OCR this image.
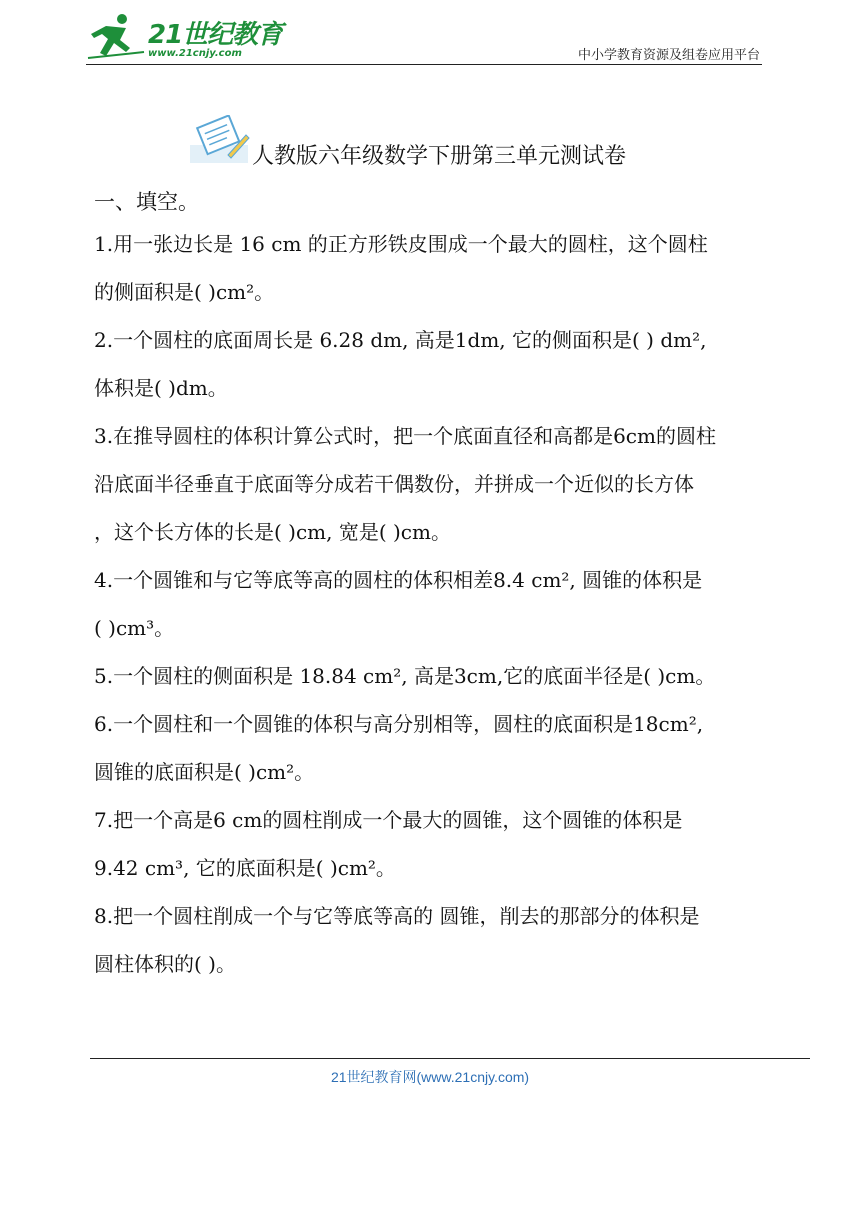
21世纪教育
www.21cnjy.com	中小学教育资源及组卷应用平台
人教版六年级数学下册第三单元测试卷
一、填空。
1.用一张边长是 16 cm 的正方形铁皮围成一个最大的圆柱，这个圆柱
的侧面积是( )cm²。
2.一个圆柱的底面周长是 6.28 dm, 高是1dm, 它的侧面积是( ) dm²,
体积是( )dm。
3.在推导圆柱的体积计算公式时，把一个底面直径和高都是6cm的圆柱
沿底面半径垂直于底面等分成若干偶数份，并拼成一个近似的长方体
，这个长方体的长是( )cm, 宽是( )cm。
4.一个圆锥和与它等底等高的圆柱的体积相差8.4 cm², 圆锥的体积是
( )cm³。
5.一个圆柱的侧面积是 18.84 cm², 高是3cm,它的底面半径是( )cm。
6.一个圆柱和一个圆锥的体积与高分别相等，圆柱的底面积是18cm²,
圆锥的底面积是( )cm²。
7.把一个高是6 cm的圆柱削成一个最大的圆锥，这个圆锥的体积是
9.42 cm³, 它的底面积是( )cm²。
8.把一个圆柱削成一个与它等底等高的 圆锥，削去的那部分的体积是
圆柱体积的( )。
21世纪教育网(www.21cnjy.com)
